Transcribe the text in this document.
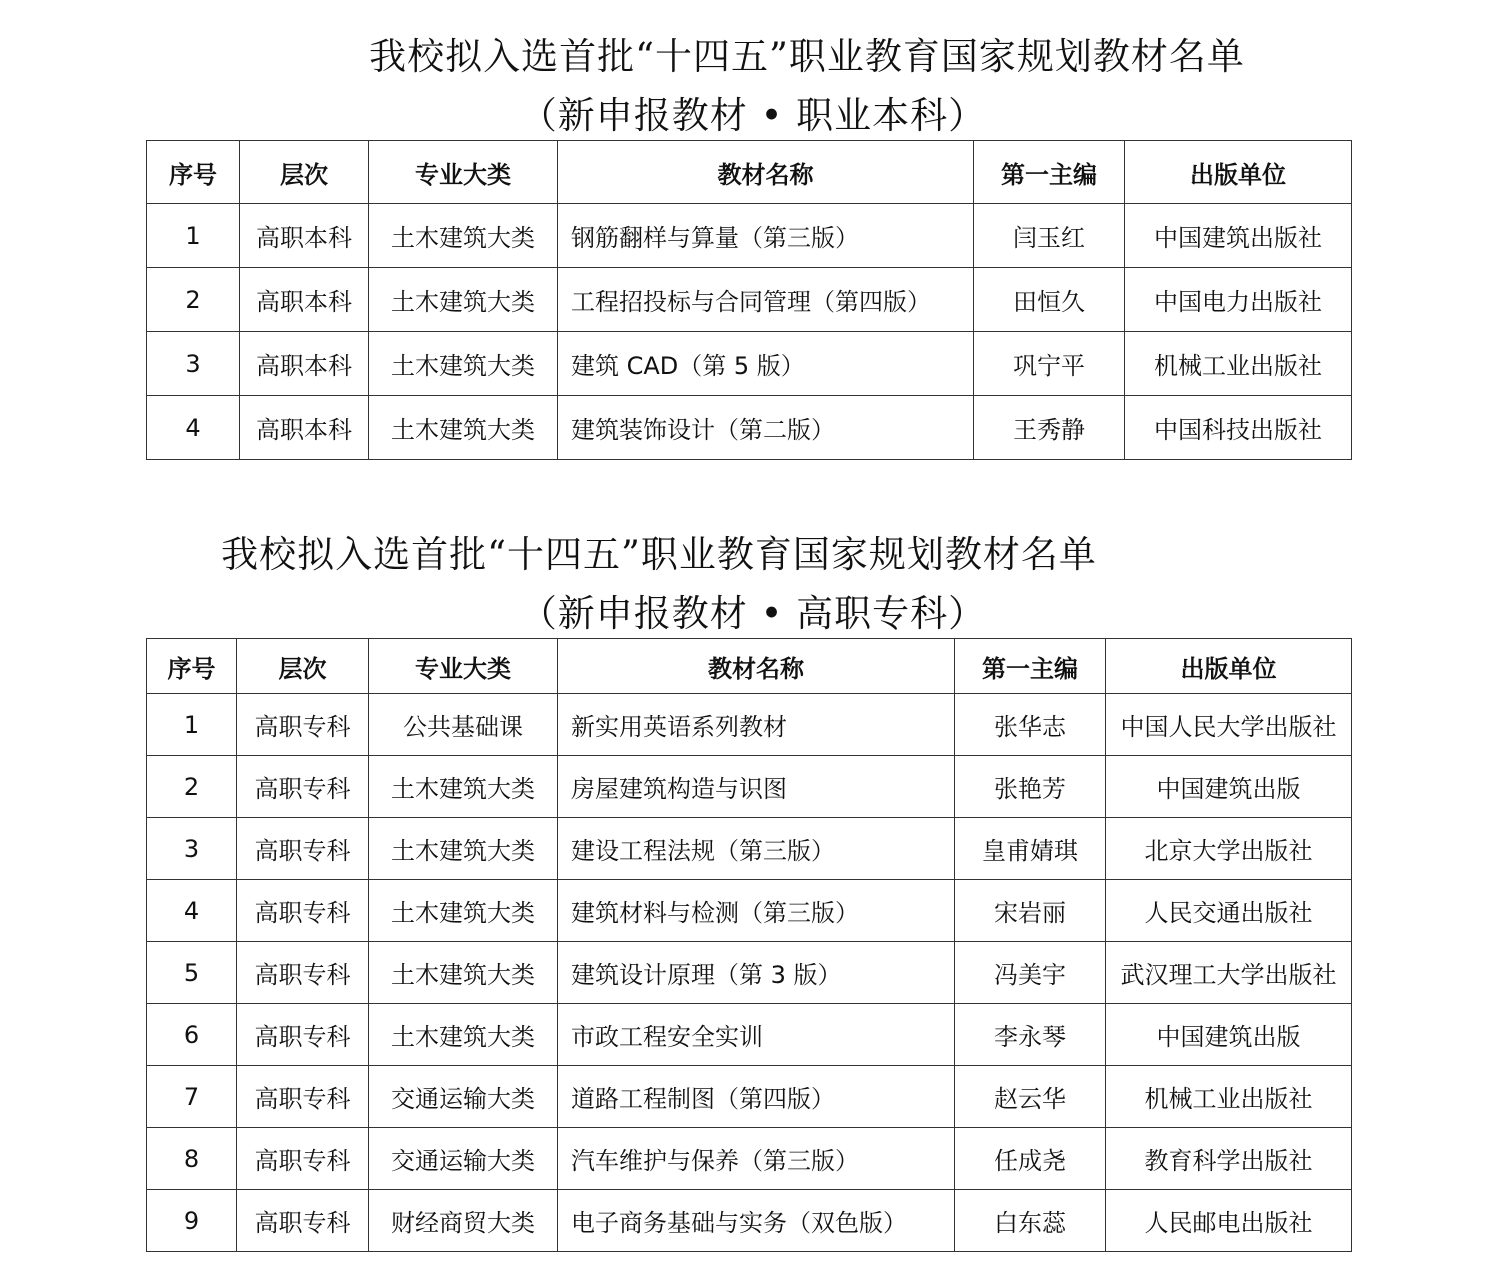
我校拟入选首批“十四五”职业教育国家规划教材名单
（新申报教材 • 职业本科）
序号	层次	专业大类	教材名称	第一主编	出版单位
1	高职本科	土木建筑大类	钢筋翻样与算量（第三版）	闫玉红	中国建筑出版社
2	高职本科	土木建筑大类	工程招投标与合同管理（第四版）	田恒久	中国电力出版社
3	高职本科	土木建筑大类	建筑 CAD（第 5 版）	巩宁平	机械工业出版社
4	高职本科	土木建筑大类	建筑装饰设计（第二版）	王秀静	中国科技出版社
我校拟入选首批“十四五”职业教育国家规划教材名单
（新申报教材 • 高职专科）
序号	层次	专业大类	教材名称	第一主编	出版单位
1	高职专科	公共基础课	新实用英语系列教材	张华志	中国人民大学出版社
2	高职专科	土木建筑大类	房屋建筑构造与识图	张艳芳	中国建筑出版
3	高职专科	土木建筑大类	建设工程法规（第三版）	皇甫婧琪	北京大学出版社
4	高职专科	土木建筑大类	建筑材料与检测（第三版）	宋岩丽	人民交通出版社
5	高职专科	土木建筑大类	建筑设计原理（第 3 版）	冯美宇	武汉理工大学出版社
6	高职专科	土木建筑大类	市政工程安全实训	李永琴	中国建筑出版
7	高职专科	交通运输大类	道路工程制图（第四版）	赵云华	机械工业出版社
8	高职专科	交通运输大类	汽车维护与保养（第三版）	任成尧	教育科学出版社
9	高职专科	财经商贸大类	电子商务基础与实务（双色版）	白东蕊	人民邮电出版社
